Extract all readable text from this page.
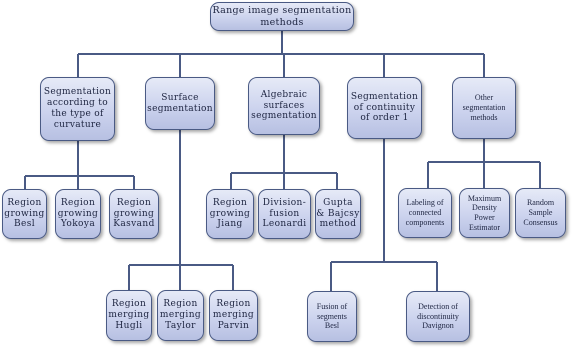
Range image segmentation
methods
Segmentation
according to
the type of
curvature
Surface
segmentation
Algebraic
surfaces
segmentation
Segmentation
of continuity
of order 1
Other
segmentation
methods
Region
growing
Besl
Region
growing
Yokoya
Region
growing
Kasvand
Region
merging
Hugli
Region
merging
Taylor
Region
merging
Parvin
Region
growing
Jiang
Division-
fusion
Leonardi
Gupta
& Bajcsy
method
Fusion of
segments
Besl
Detection of
discontinuity
Davignon
Labeling of
connected
components
Maximum
Density
Power
Estimator
Random
Sample
Consensus
